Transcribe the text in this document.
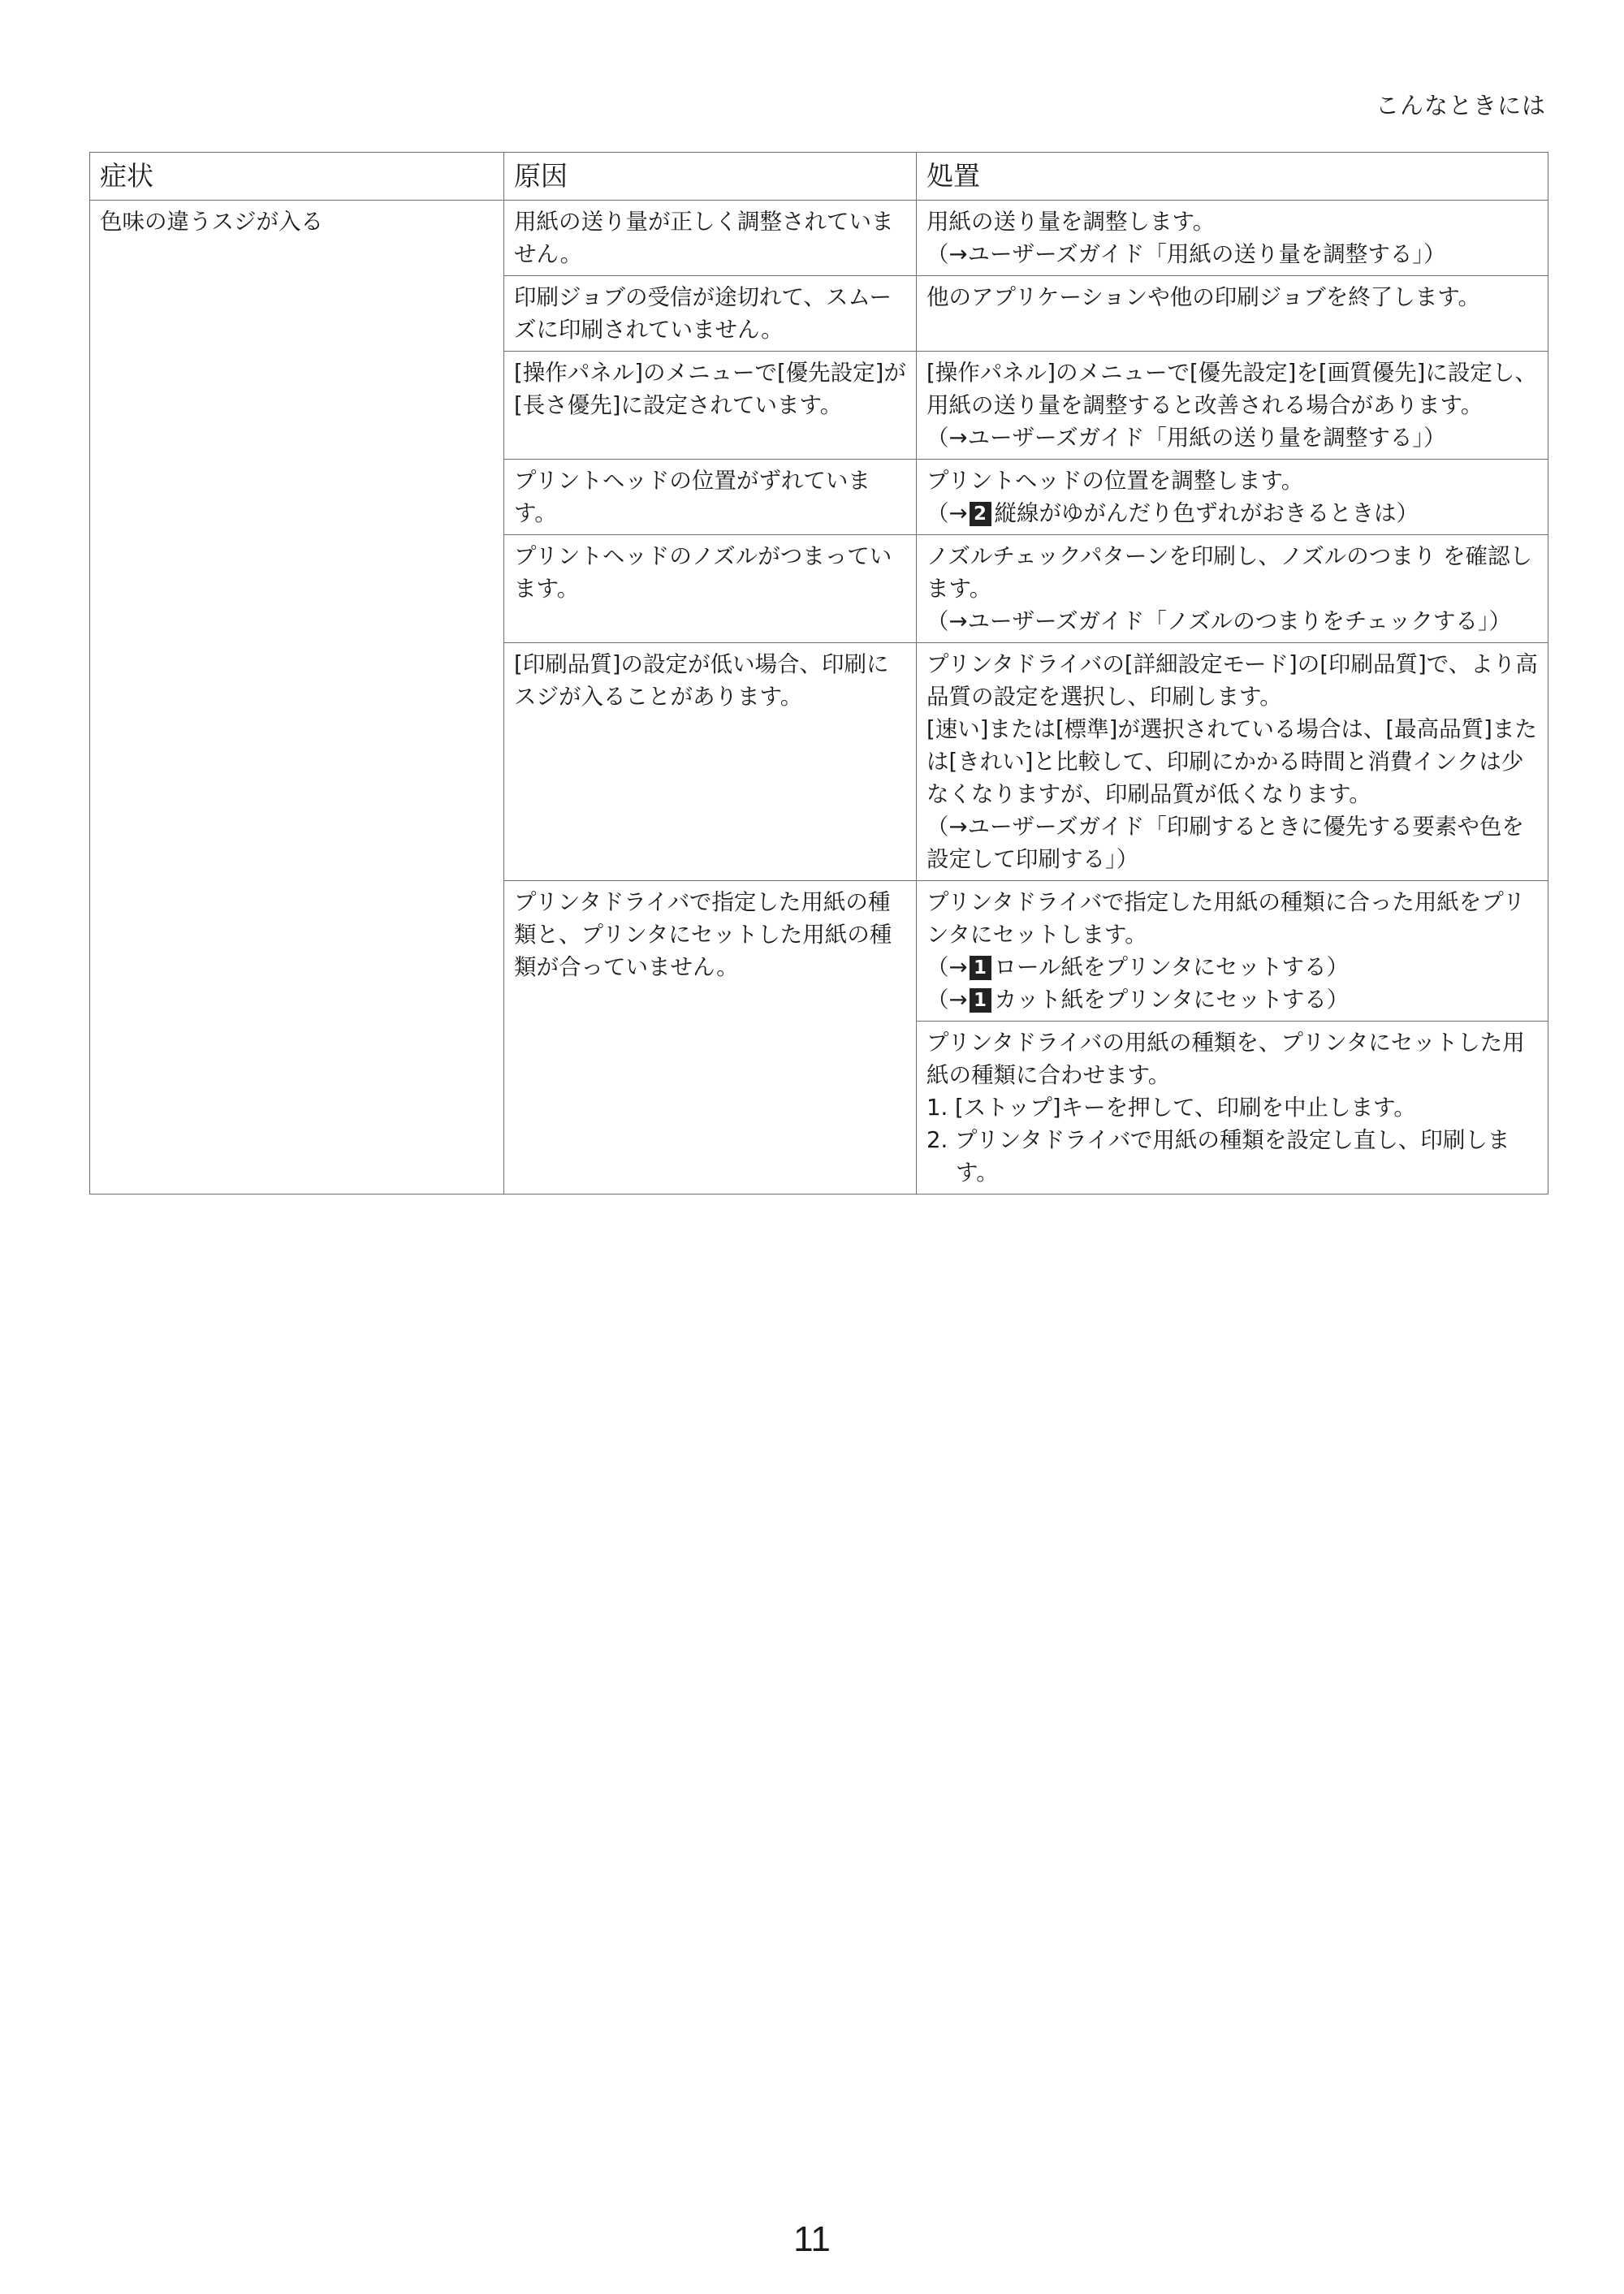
こんなときには
症状	原因	処置
色味の違うスジが入る	用紙の送り量が正しく調整されていません。	用紙の送り量を調整します。
（→ユーザーズガイド「用紙の送り量を調整する」）

	印刷ジョブの受信が途切れて、スムーズに印刷されていません。	他のアプリケーションや他の印刷ジョブを終了します。

	[操作パネル]のメニューで[優先設定]が[長さ優先]に設定されています。	[操作パネル]のメニューで[優先設定]を[画質優先]に設定し、用紙の送り量を調整すると改善される場合があります。
（→ユーザーズガイド「用紙の送り量を調整する」）

	プリントヘッドの位置がずれています。	プリントヘッドの位置を調整します。
（→ 2 縦線がゆがんだり色ずれがおきるときは）

	プリントヘッドのノズルがつまっています。	ノズルチェックパターンを印刷し、ノズルのつまり を確認します。
（→ユーザーズガイド「ノズルのつまりをチェックする」）

	[印刷品質]の設定が低い場合、印刷にスジが入ることがあります。	プリンタドライバの[詳細設定モード]の[印刷品質]で、より高品質の設定を選択し、印刷します。
[速い]または[標準]が選択されている場合は、[最高品質]または[きれい]と比較して、印刷にかかる時間と消費インクは少なくなりますが、印刷品質が低くなります。
（→ユーザーズガイド「印刷するときに優先する要素や色を設定して印刷する」）

	プリンタドライバで指定した用紙の種類と、プリンタにセットした用紙の種類が合っていません。	プリンタドライバで指定した用紙の種類に合った用紙をプリンタにセットします。
（→ 1 ロール紙をプリンタにセットする）
（→ 1 カット紙をプリンタにセットする）

		プリンタドライバの用紙の種類を、プリンタにセットした用紙の種類に合わせます。
1. [ストップ]キーを押して、印刷を中止します。
2. プリンタドライバで用紙の種類を設定し直し、印刷します。
11
